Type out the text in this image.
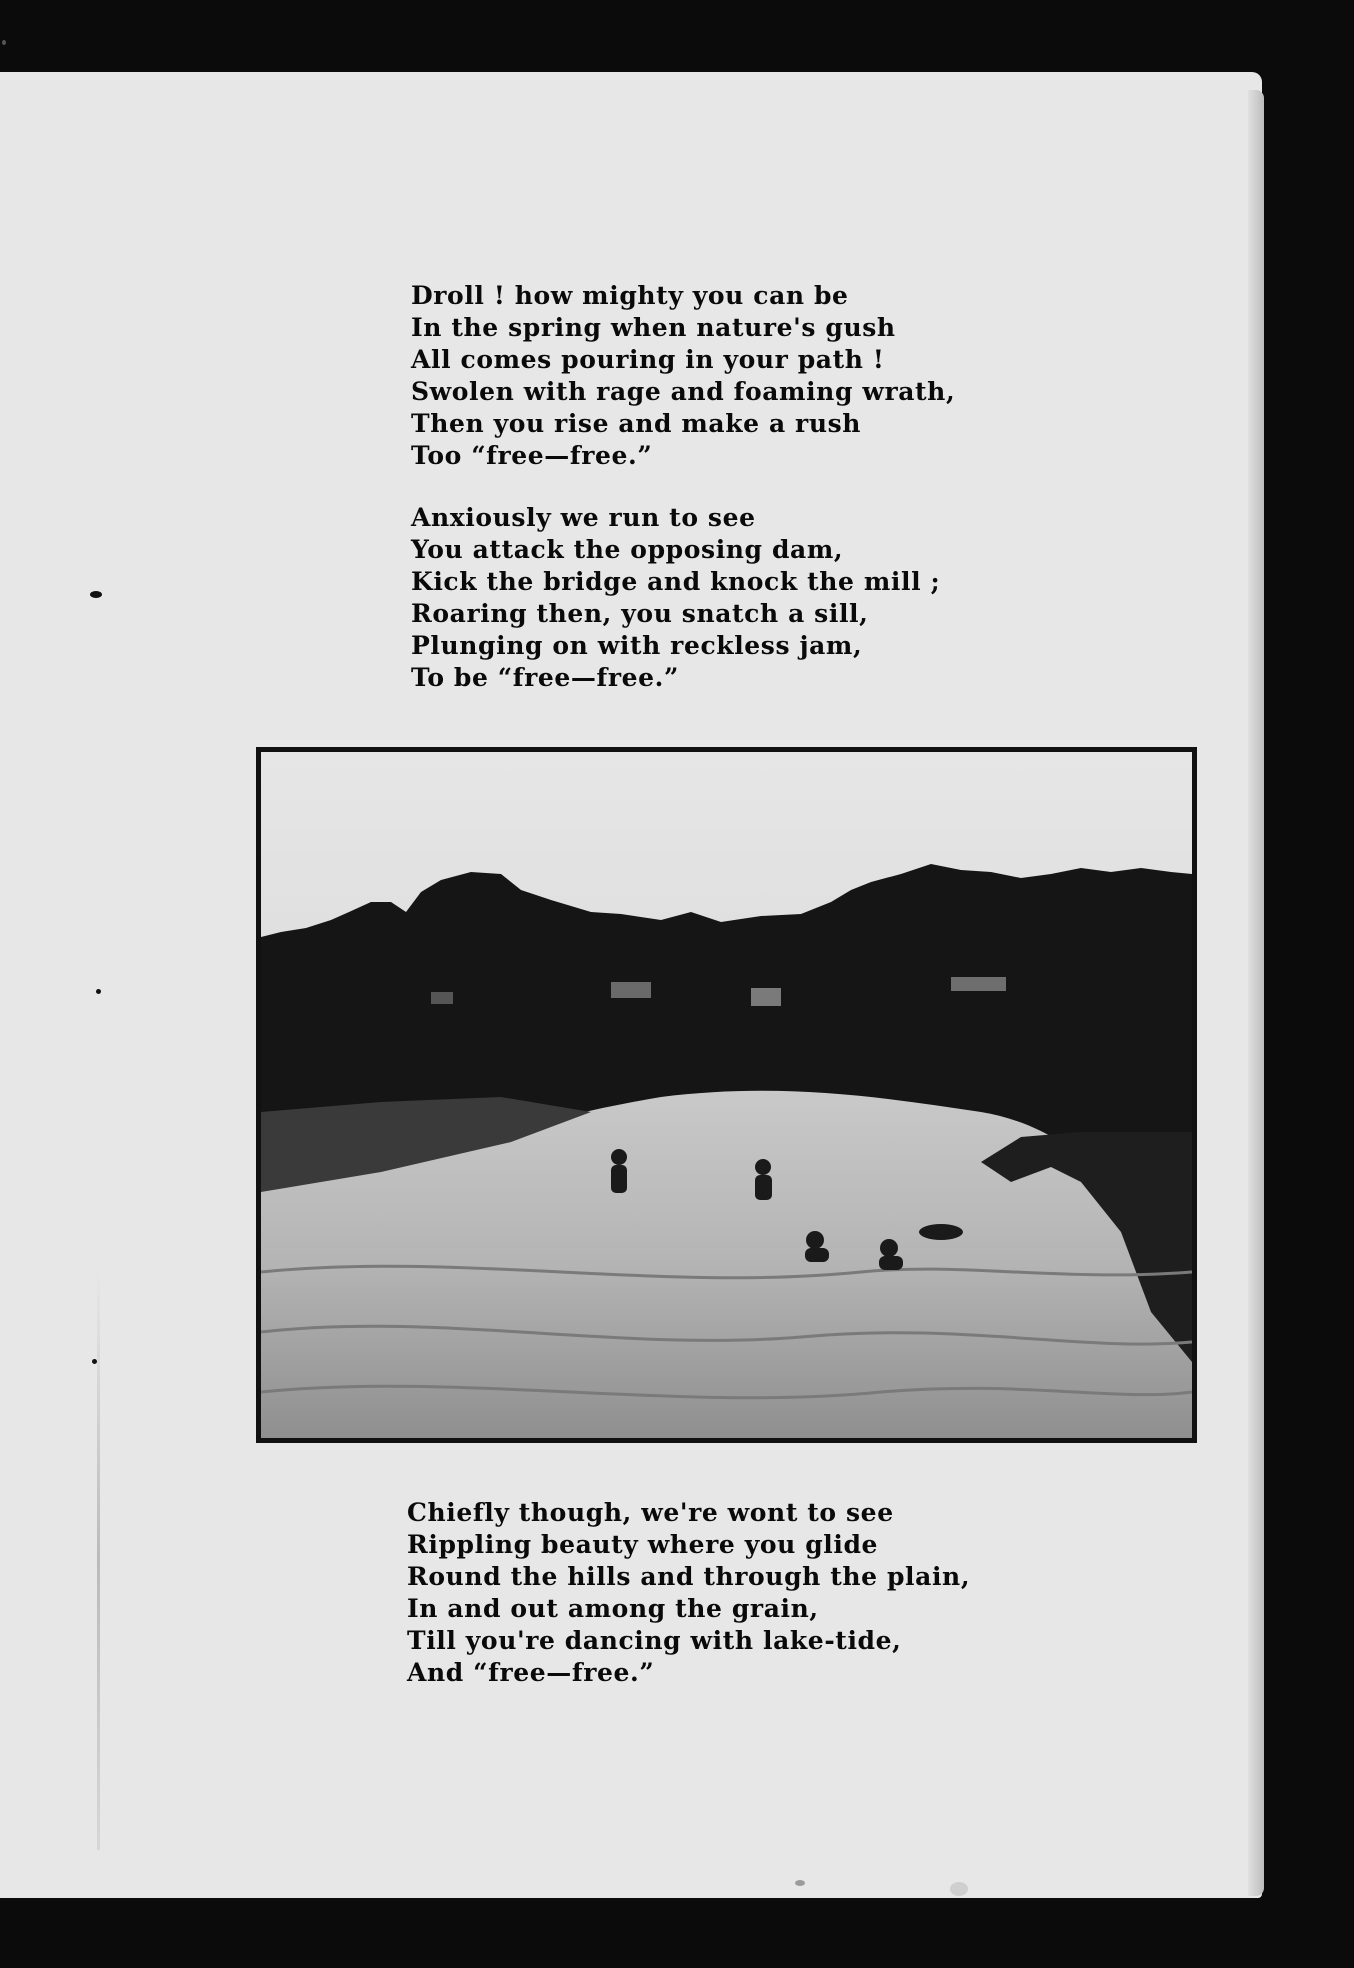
Droll ! how mighty you can be
In the spring when nature's gush
All comes pouring in your path !
Swolen with rage and foaming wrath,
Then you rise and make a rush
Too “free—free.”
Anxiously we run to see
You attack the opposing dam,
Kick the bridge and knock the mill ;
Roaring then, you snatch a sill,
Plunging on with reckless jam,
To be “free—free.”
Chiefly though, we're wont to see
Rippling beauty where you glide
Round the hills and through the plain,
In and out among the grain,
Till you're dancing with lake-tide,
And “free—free.”
